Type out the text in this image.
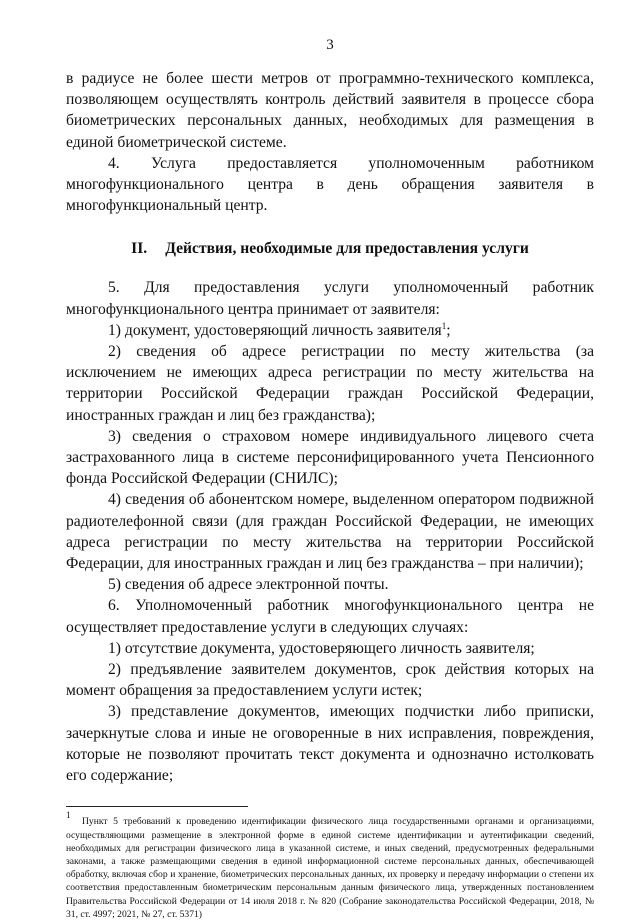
3

в радиусе не более шести метров от программно-технического комплекса, позволяющем осуществлять контроль действий заявителя в процессе сбора биометрических персональных данных, необходимых для размещения в единой биометрической системе.

4. Услуга предоставляется уполномоченным работником многофункционального центра в день обращения заявителя в многофункциональный центр.

II. Действия, необходимые для предоставления услуги

5. Для предоставления услуги уполномоченный работник многофункционального центра принимает от заявителя:

1) документ, удостоверяющий личность заявителя$^1$;

2) сведения об адресе регистрации по месту жительства (за исключением не имеющих адреса регистрации по месту жительства на территории Российской Федерации граждан Российской Федерации, иностранных граждан и лиц без гражданства);

3) сведения о страховом номере индивидуального лицевого счета застрахованного лица в системе персонифицированного учета Пенсионного фонда Российской Федерации (СНИЛС);

4) сведения об абонентском номере, выделенном оператором подвижной радиотелефонной связи (для граждан Российской Федерации, не имеющих адреса регистрации по месту жительства на территории Российской Федерации, для иностранных граждан и лиц без гражданства – при наличии);

5) сведения об адресе электронной почты.

6. Уполномоченный работник многофункционального центра не осуществляет предоставление услуги в следующих случаях:

1) отсутствие документа, удостоверяющего личность заявителя;

2) предъявление заявителем документов, срок действия которых на момент обращения за предоставлением услуги истек;

3) представление документов, имеющих подчистки либо приписки, зачеркнутые слова и иные не оговоренные в них исправления, повреждения, которые не позволяют прочитать текст документа и однозначно истолковать его содержание;

$^1$Пункт 5 требований к проведению идентификации физического лица государственными органами и организациями, осуществляющими размещение в электронной форме в единой системе идентификации и аутентификации сведений, необходимых для регистрации физического лица в указанной системе, и иных сведений, предусмотренных федеральными законами, а также размещающими сведения в единой информационной системе персональных данных, обеспечивающей обработку, включая сбор и хранение, биометрических персональных данных, их проверку и передачу информации о степени их соответствия предоставленным биометрическим персональным данным физического лица, утвержденных постановлением Правительства Российской Федерации от 14 июля 2018 г. № 820 (Собрание законодательства Российской Федерации, 2018, № 31, ст. 4997; 2021, № 27, ст. 5371)
